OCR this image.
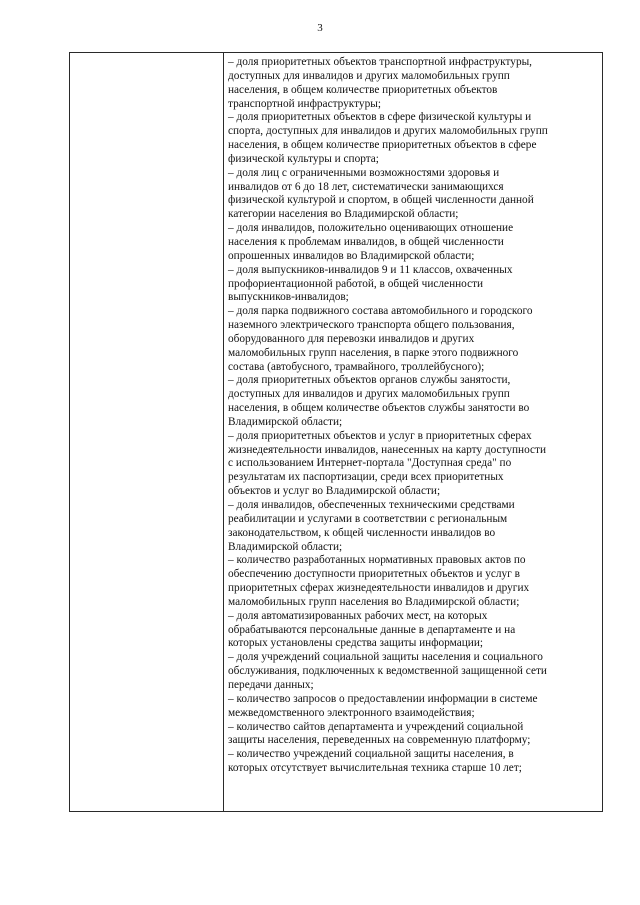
3

– доля приоритетных объектов транспортной инфраструктуры,
доступных для инвалидов и других маломобильных групп
населения, в общем количестве приоритетных объектов
транспортной инфраструктуры;

– доля приоритетных объектов в сфере физической культуры и
спорта, доступных для инвалидов и других маломобильных групп
населения, в общем количестве приоритетных объектов в сфере
физической культуры и спорта;

– доля лиц с ограниченными возможностями здоровья и
инвалидов от 6 до 18 лет, систематически занимающихся
физической культурой и спортом, в общей численности данной
категории населения во Владимирской области;

– доля инвалидов, положительно оценивающих отношение
населения к проблемам инвалидов, в общей численности
опрошенных инвалидов во Владимирской области;

– доля выпускников-инвалидов 9 и 11 классов, охваченных
профориентационной работой, в общей численности
выпускников-инвалидов;

– доля парка подвижного состава автомобильного и городского
наземного электрического транспорта общего пользования,
оборудованного для перевозки инвалидов и других
маломобильных групп населения, в парке этого подвижного
состава (автобусного, трамвайного, троллейбусного);

– доля приоритетных объектов органов службы занятости,
доступных для инвалидов и других маломобильных групп
населения, в общем количестве объектов службы занятости во
Владимирской области;

– доля приоритетных объектов и услуг в приоритетных сферах
жизнедеятельности инвалидов, нанесенных на карту доступности
с использованием Интернет-портала "Доступная среда" по
результатам их паспортизации, среди всех приоритетных
объектов и услуг во Владимирской области;

– доля инвалидов, обеспеченных техническими средствами
реабилитации и услугами в соответствии с региональным
законодательством, к общей численности инвалидов во
Владимирской области;

– количество разработанных нормативных правовых актов по
обеспечению доступности приоритетных объектов и услуг в
приоритетных сферах жизнедеятельности инвалидов и других
маломобильных групп населения во Владимирской области;

– доля автоматизированных рабочих мест, на которых
обрабатываются персональные данные в департаменте и на
которых установлены средства защиты информации;

– доля учреждений социальной защиты населения и социального
обслуживания, подключенных к ведомственной защищенной сети
передачи данных;

– количество запросов о предоставлении информации в системе
межведомственного электронного взаимодействия;

– количество сайтов департамента и учреждений социальной
защиты населения, переведенных на современную платформу;

– количество учреждений социальной защиты населения, в
которых отсутствует вычислительная техника старше 10 лет;
